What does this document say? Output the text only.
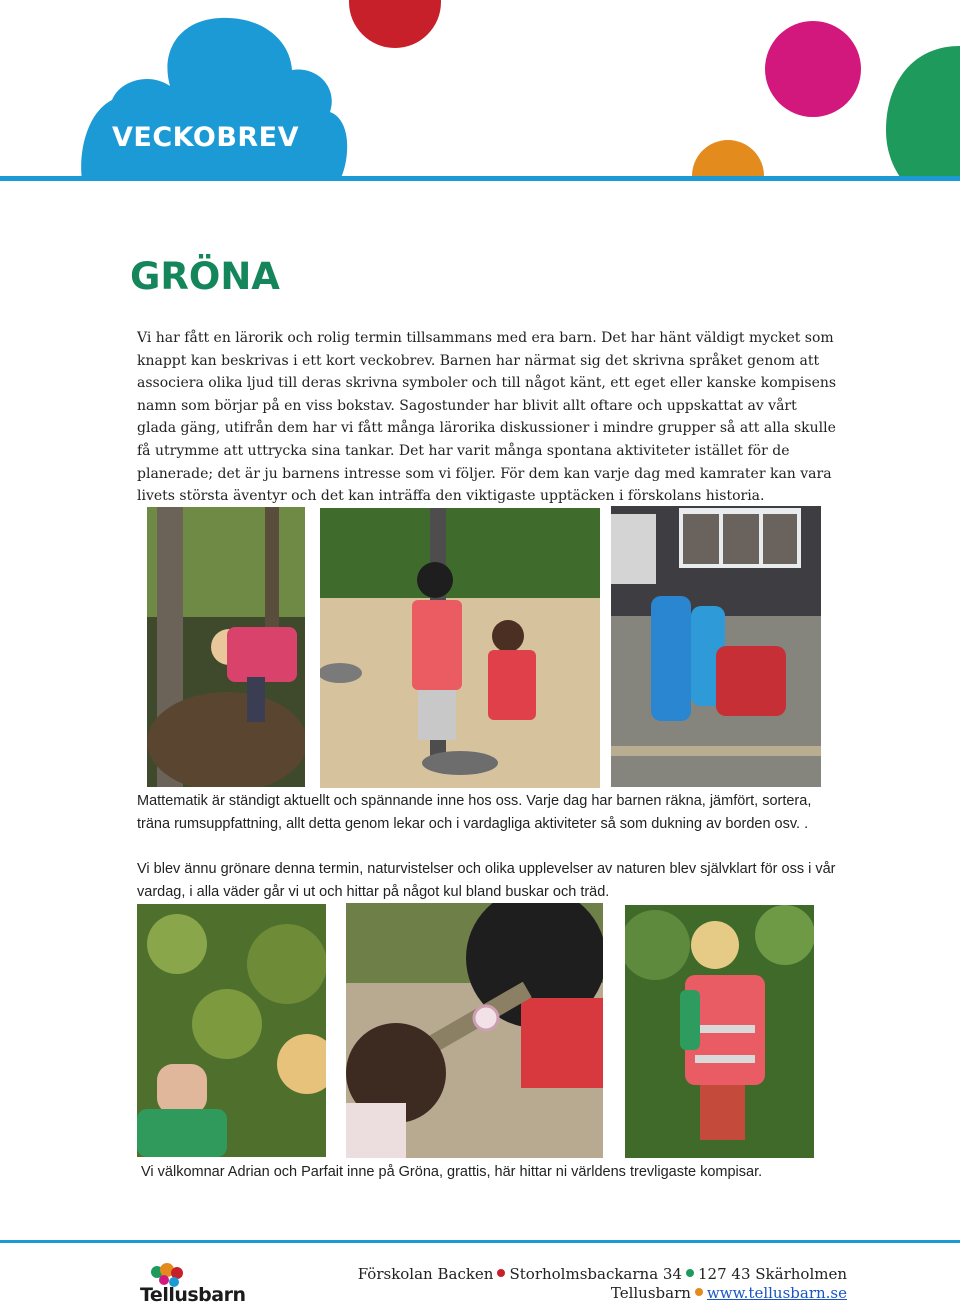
VECKOBREV
GRÖNA

Vi har fått en lärorik och rolig termin tillsammans med era barn. Det har hänt väldigt mycket som knappt kan beskrivas i ett kort veckobrev. Barnen har närmat sig det skrivna språket genom att associera olika ljud till deras skrivna symboler och till något känt, ett eget eller kanske kompisens namn som börjar på en viss bokstav. Sagostunder har blivit allt oftare och uppskattat av vårt glada gäng, utifrån dem har vi fått många lärorika diskussioner i mindre grupper så att alla skulle få utrymme att uttrycka sina tankar. Det har varit många spontana aktiviteter istället för de planerade; det är ju barnens intresse som vi följer. För dem kan varje dag med kamrater kan vara livets största äventyr och det kan inträffa den viktigaste upptäcken i förskolans historia.

Mattematik är ständigt aktuellt och spännande inne hos oss. Varje dag har barnen räkna, jämfört, sortera, träna rumsuppfattning, allt detta genom lekar och i vardagliga aktiviteter så som dukning av borden osv. .

Vi blev ännu grönare denna termin, naturvistelser och olika upplevelser av naturen blev självklart för oss i vår vardag, i alla väder går vi ut och hittar på något kul bland buskar och träd.

Vi välkomnar Adrian och Parfait inne på Gröna, grattis, här hittar ni världens trevligaste kompisar.

Tellusbarn
Förskolan Backen Storholmsbackarna 34 127 43 Skärholmen
Tellusbarn www.tellusbarn.se
